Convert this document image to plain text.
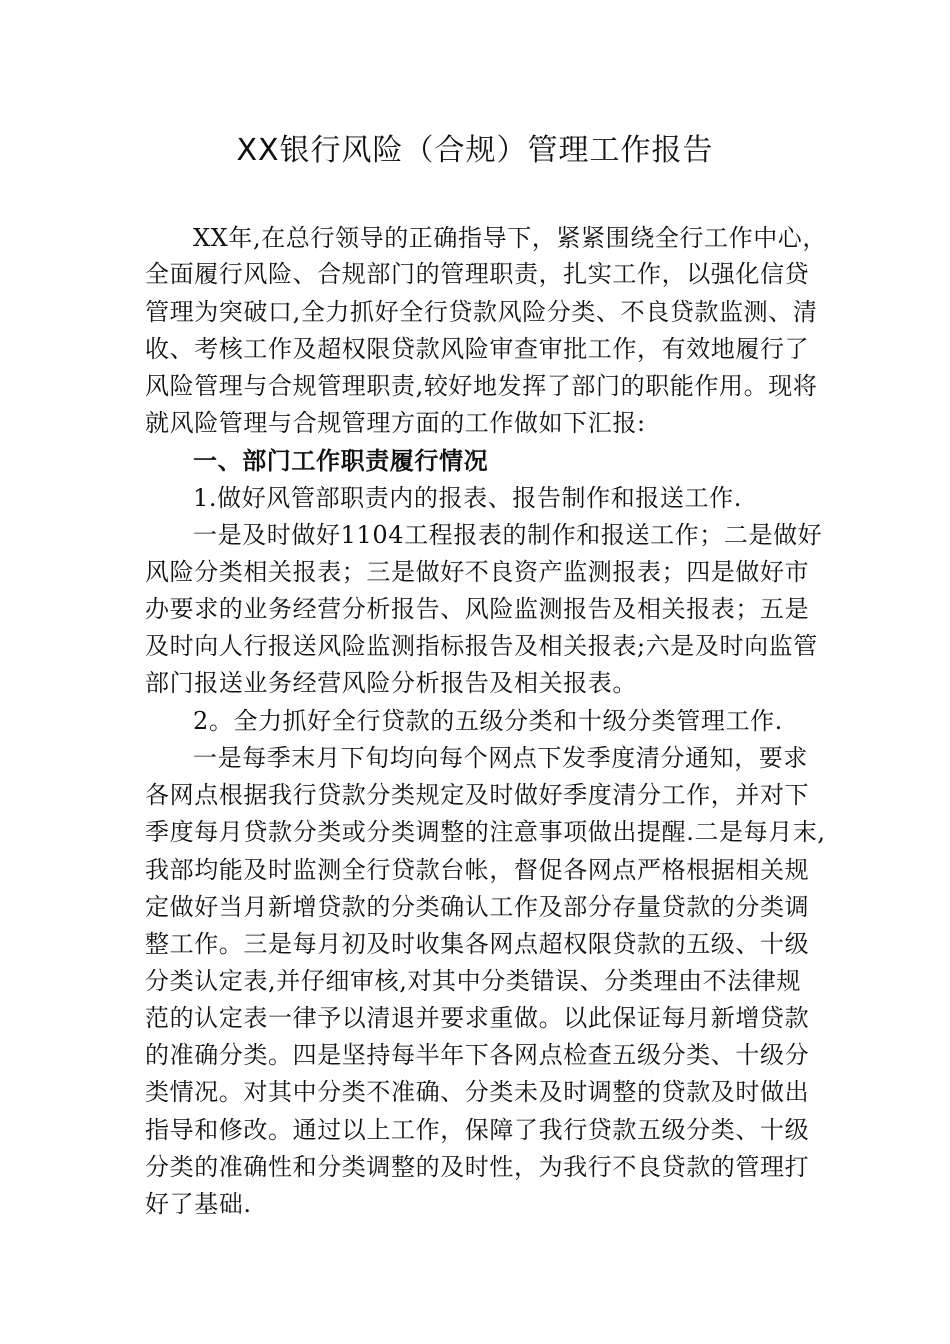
XX银行风险（合规）管理工作报告
XX年,在总行领导的正确指导下，紧紧围绕全行工作中心，
全面履行风险、合规部门的管理职责，扎实工作，以强化信贷
管理为突破口,全力抓好全行贷款风险分类、不良贷款监测、清
收、考核工作及超权限贷款风险审查审批工作，有效地履行了
风险管理与合规管理职责,较好地发挥了部门的职能作用。现将
就风险管理与合规管理方面的工作做如下汇报:
一、部门工作职责履行情况
1.做好风管部职责内的报表、报告制作和报送工作.
一是及时做好1104工程报表的制作和报送工作；二是做好
风险分类相关报表；三是做好不良资产监测报表；四是做好市
办要求的业务经营分析报告、风险监测报告及相关报表；五是
及时向人行报送风险监测指标报告及相关报表;六是及时向监管
部门报送业务经营风险分析报告及相关报表。
2。全力抓好全行贷款的五级分类和十级分类管理工作.
一是每季末月下旬均向每个网点下发季度清分通知，要求
各网点根据我行贷款分类规定及时做好季度清分工作，并对下
季度每月贷款分类或分类调整的注意事项做出提醒.二是每月末,
我部均能及时监测全行贷款台帐，督促各网点严格根据相关规
定做好当月新增贷款的分类确认工作及部分存量贷款的分类调
整工作。三是每月初及时收集各网点超权限贷款的五级、十级
分类认定表,并仔细审核,对其中分类错误、分类理由不法律规
范的认定表一律予以清退并要求重做。以此保证每月新增贷款
的准确分类。四是坚持每半年下各网点检查五级分类、十级分
类情况。对其中分类不准确、分类未及时调整的贷款及时做出
指导和修改。通过以上工作，保障了我行贷款五级分类、十级
分类的准确性和分类调整的及时性，为我行不良贷款的管理打
好了基础.
